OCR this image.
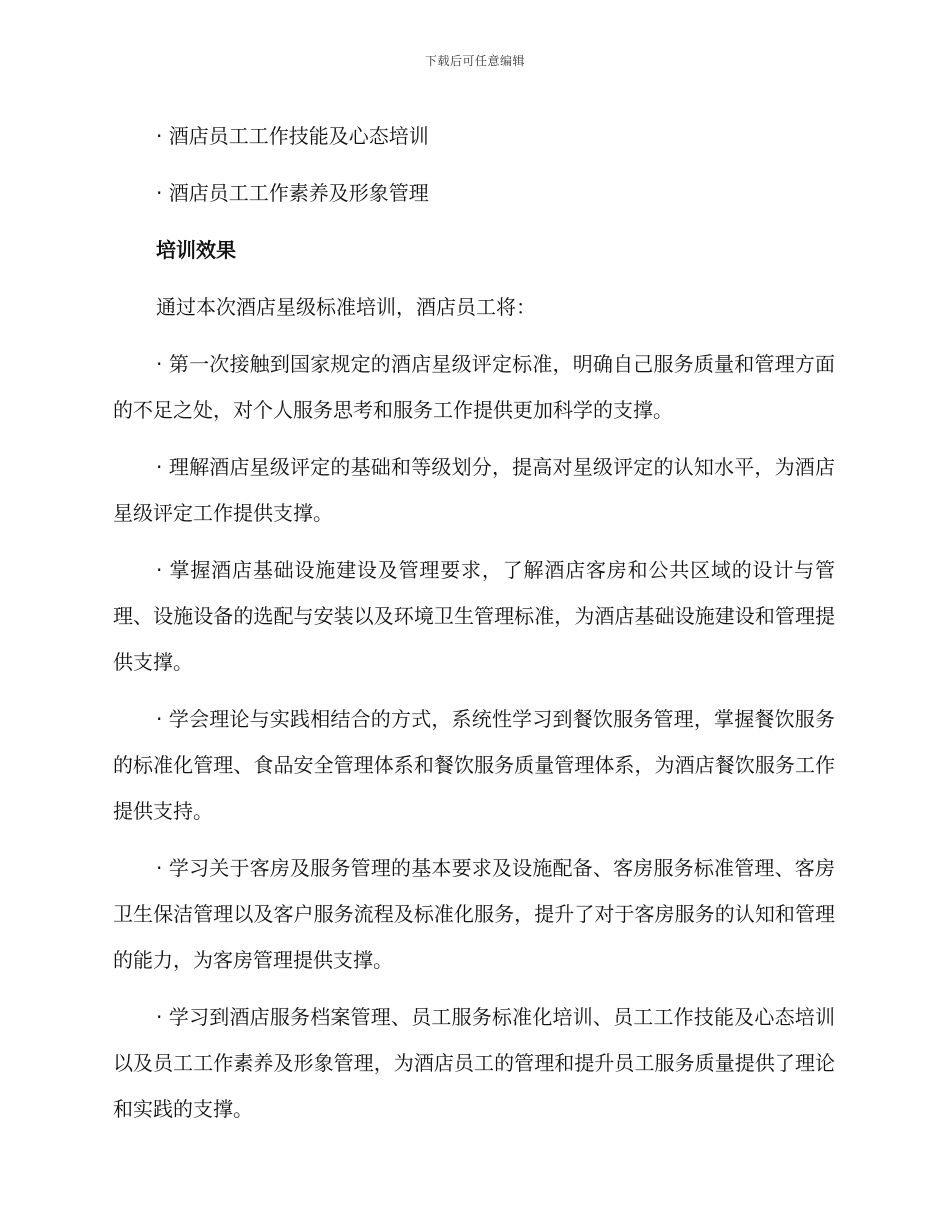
下载后可任意编辑

· 酒店员工工作技能及心态培训

· 酒店员工工作素养及形象管理

培训效果

通过本次酒店星级标准培训，酒店员工将：

· 第一次接触到国家规定的酒店星级评定标准，明确自己服务质量和管理方面的不足之处，对个人服务思考和服务工作提供更加科学的支撑。

· 理解酒店星级评定的基础和等级划分，提高对星级评定的认知水平，为酒店星级评定工作提供支撑。

· 掌握酒店基础设施建设及管理要求，了解酒店客房和公共区域的设计与管理、设施设备的选配与安装以及环境卫生管理标准，为酒店基础设施建设和管理提供支撑。

· 学会理论与实践相结合的方式，系统性学习到餐饮服务管理，掌握餐饮服务的标准化管理、食品安全管理体系和餐饮服务质量管理体系，为酒店餐饮服务工作提供支持。

· 学习关于客房及服务管理的基本要求及设施配备、客房服务标准管理、客房卫生保洁管理以及客户服务流程及标准化服务，提升了对于客房服务的认知和管理的能力，为客房管理提供支撑。

· 学习到酒店服务档案管理、员工服务标准化培训、员工工作技能及心态培训以及员工工作素养及形象管理，为酒店员工的管理和提升员工服务质量提供了理论和实践的支撑。
